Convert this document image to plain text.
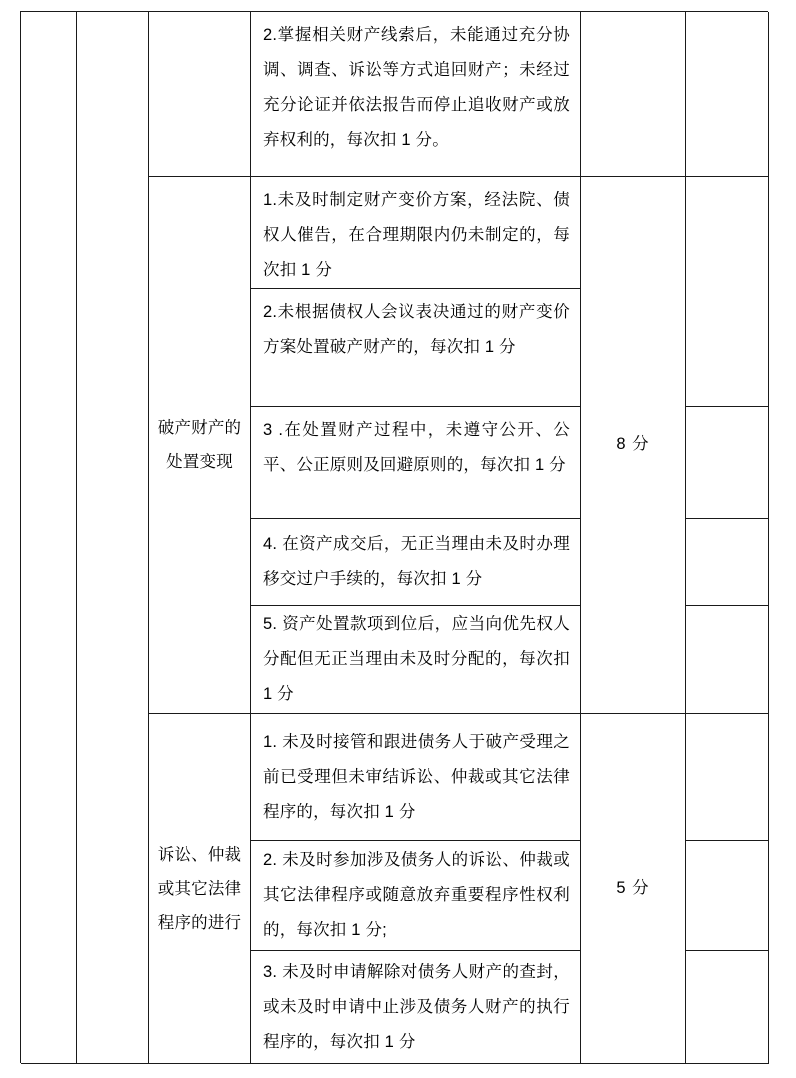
破产财产的处置变现
诉讼、仲裁或其它法律程序的进行
2.掌握相关财产线索后，未能通过充分协调、调查、诉讼等方式追回财产；未经过充分论证并依法报告而停止追收财产或放弃权利的，每次扣 1 分。
1.未及时制定财产变价方案，经法院、债权人催告，在合理期限内仍未制定的，每次扣 1 分
2.未根据债权人会议表决通过的财产变价方案处置破产财产的，每次扣 1 分
3 .在处置财产过程中，未遵守公开、公平、公正原则及回避原则的，每次扣 1 分
4. 在资产成交后，无正当理由未及时办理移交过户手续的，每次扣 1 分
5. 资产处置款项到位后，应当向优先权人分配但无正当理由未及时分配的，每次扣 1 分
1. 未及时接管和跟进债务人于破产受理之前已受理但未审结诉讼、仲裁或其它法律程序的，每次扣 1 分
2. 未及时参加涉及债务人的诉讼、仲裁或其它法律程序或随意放弃重要程序性权利的，每次扣 1 分;
3. 未及时申请解除对债务人财产的查封，或未及时申请中止涉及债务人财产的执行程序的，每次扣 1 分
8 分
5 分
